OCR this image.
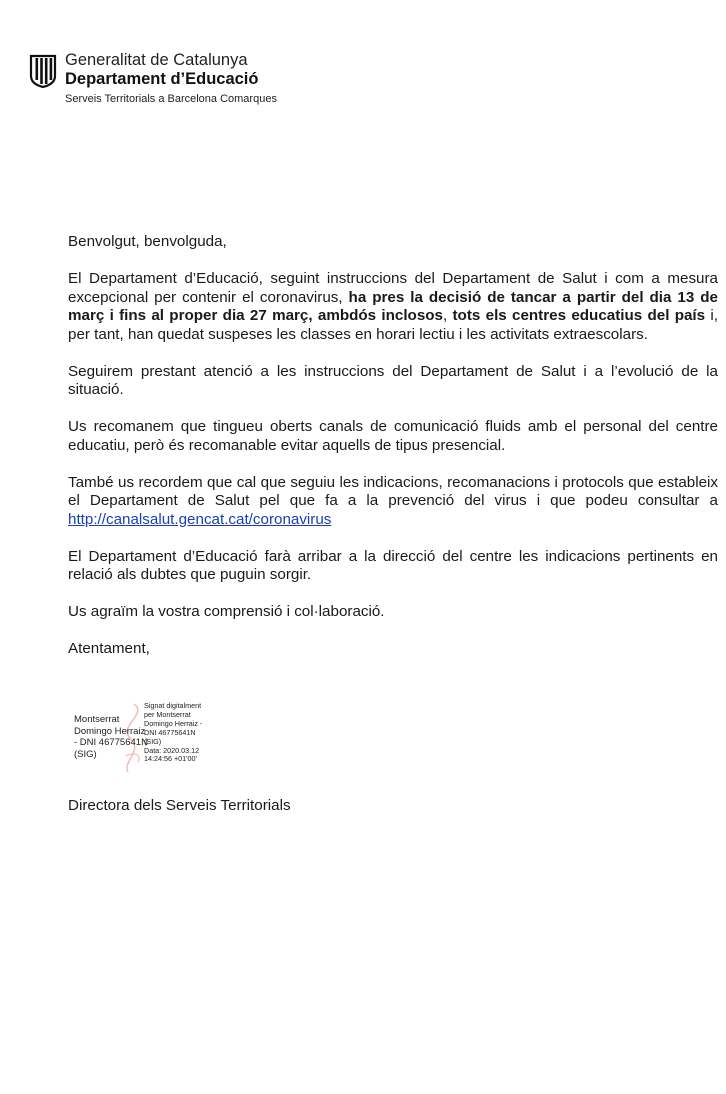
Generalitat de Catalunya
Departament d’Educació
Serveis Territorials a Barcelona Comarques

Benvolgut, benvolguda,

El Departament d’Educació, seguint instruccions del Departament de Salut i com a mesura excepcional per contenir el coronavirus, ha pres la decisió de tancar a partir del dia 13 de març i fins al proper dia 27 març, ambdós inclosos, tots els centres educatius del país i, per tant, han quedat suspeses les classes en horari lectiu i les activitats extraescolars.

Seguirem prestant atenció a les instruccions del Departament de Salut i a l’evolució de la situació.

Us recomanem que tingueu oberts canals de comunicació fluids amb el personal del centre educatiu, però és recomanable evitar aquells de tipus presencial.

També us recordem que cal que seguiu les indicacions, recomanacions i protocols que estableix el Departament de Salut pel que fa a la prevenció del virus i que podeu consultar a http://canalsalut.gencat.cat/coronavirus

El Departament d’Educació farà arribar a la direcció del centre les indicacions pertinents en relació als dubtes que puguin sorgir.

Us agraïm la vostra comprensió i col·laboració.

Atentament,

Montserrat
Domingo Herraiz
- DNI 46775641N
(SIG)
Signat digitalment
per Montserrat
Domingo Herraiz -
DNI 46775641N
(SIG)
Data: 2020.03.12
14:24:56 +01'00'
Directora dels Serveis Territorials
